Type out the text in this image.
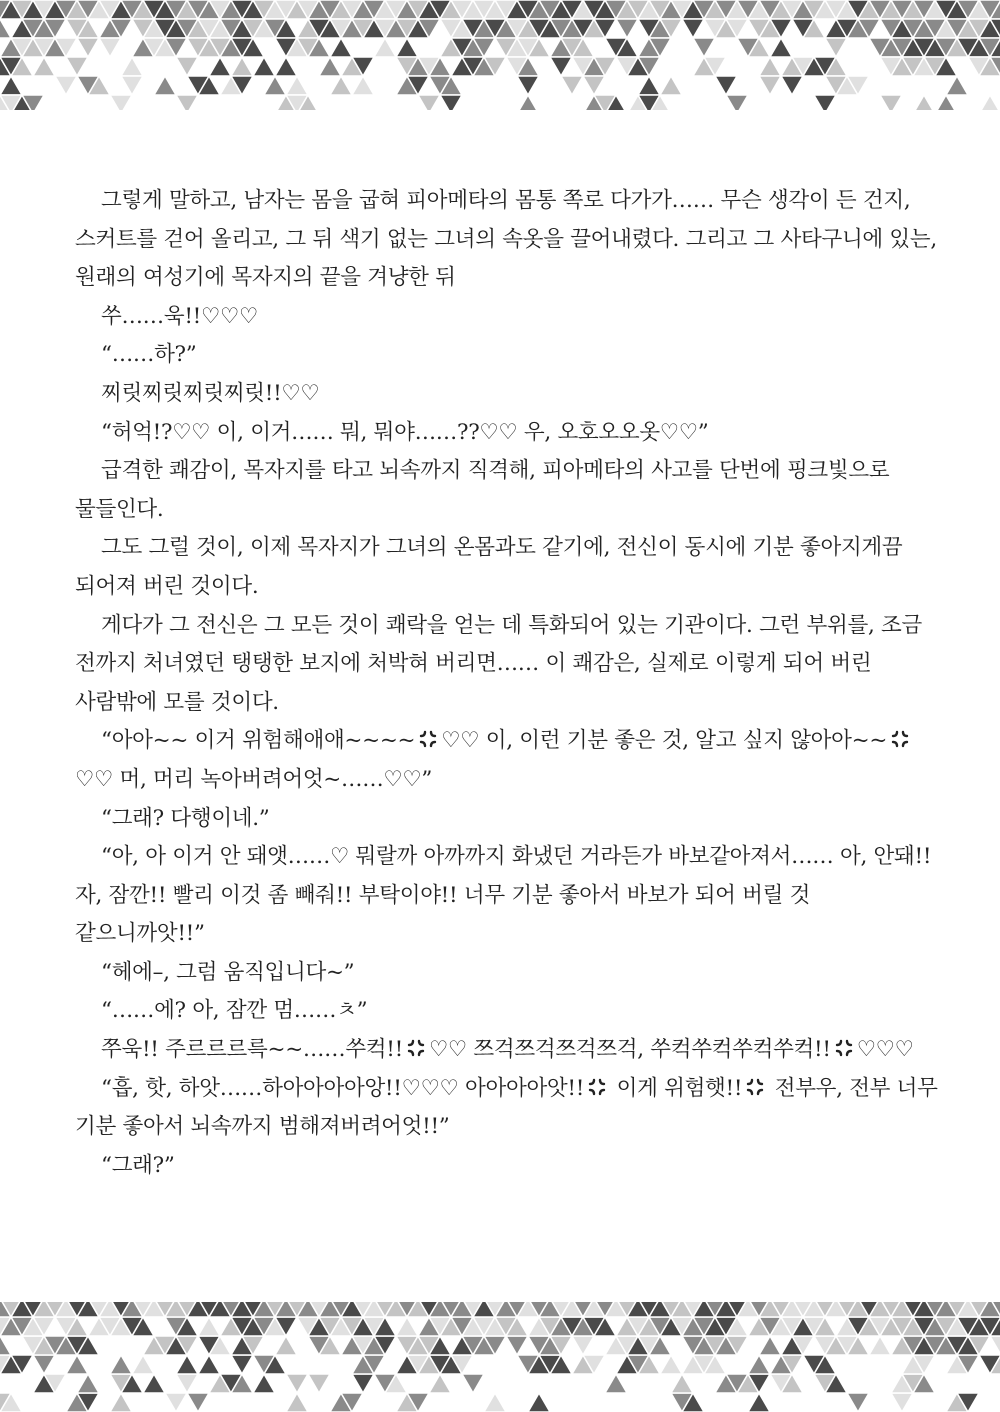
그렇게 말하고, 남자는 몸을 굽혀 피아메타의 몸통 쪽로 다가가…… 무슨 생각이 든 건지, 스커트를 걷어 올리고, 그 뒤 색기 없는 그녀의 속옷을 끌어내렸다. 그리고 그 사타구니에 있는, 원래의 여성기에 목자지의 끝을 겨냥한 뒤

쑤……욱!!♡♡♡

“……하?”

찌릿찌릿찌릿찌릿!!♡♡

“허억!?♡♡ 이, 이거…… 뭐, 뭐야……??♡♡ 우, 오호오오옷♡♡”

급격한 쾌감이, 목자지를 타고 뇌속까지 직격해, 피아메타의 사고를 단번에 핑크빛으로 물들인다.

그도 그럴 것이, 이제 목자지가 그녀의 온몸과도 같기에, 전신이 동시에 기분 좋아지게끔 되어져 버린 것이다.

게다가 그 전신은 그 모든 것이 쾌락을 얻는 데 특화되어 있는 기관이다. 그런 부위를, 조금 전까지 처녀였던 탱탱한 보지에 처박혀 버리면…… 이 쾌감은, 실제로 이렇게 되어 버린 사람밖에 모를 것이다.

“아아~~ 이거 위험해애애~~~~ ♡♡ 이, 이런 기분 좋은 것, 알고 싶지 않아아~~
♡♡ 머, 머리 녹아버려어엇~……♡♡”

“그래? 다행이네.”

“아, 아 이거 안 돼앳……♡ 뭐랄까 아까까지 화냈던 거라든가 바보같아져서…… 아, 안돼!! 자, 잠깐!! 빨리 이것 좀 빼줘!! 부탁이야!! 너무 기분 좋아서 바보가 되어 버릴 것 같으니까앗!!”

“헤에–, 그럼 움직입니다~”

“……에? 아, 잠깐 멈……ㅊ”

쭈욱!! 주르르르륵~~……쑤컥!! ♡♡ 쯔걱쯔걱쯔걱쯔걱, 쑤컥쑤컥쑤컥쑤컥!! ♡♡♡

“흡, 핫, 하앗……하아아아아앙!!♡♡♡ 아아아아앗!!
이게 위험햇!!
전부우, 전부 너무 기분 좋아서 뇌속까지 범해져버려어엇!!”

“그래?”
